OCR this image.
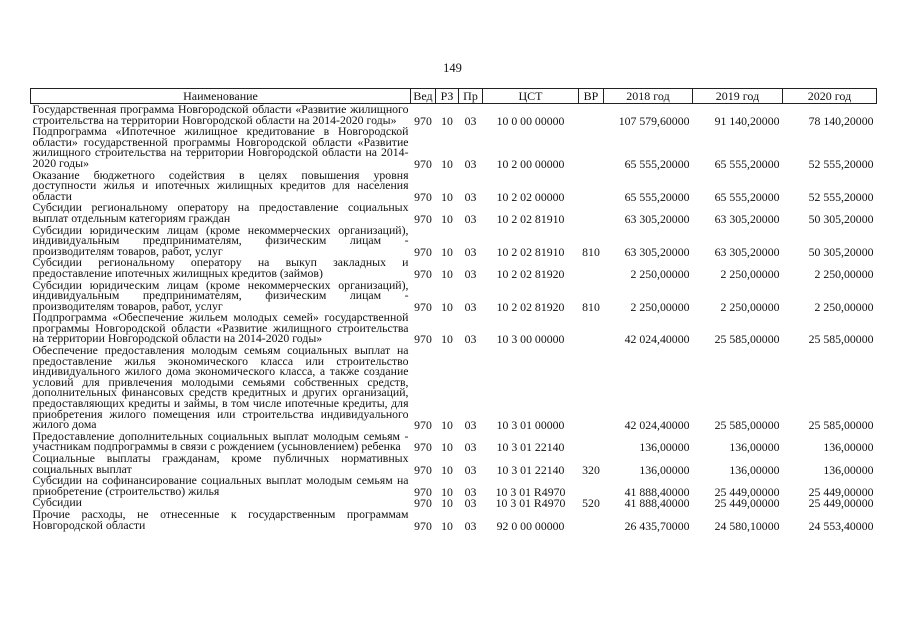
149
Наименование	Вед	РЗ	Пр	ЦСТ	ВР	2018 год	2019 год	2020 год
Государственная программа Новгородской области «Развитие жилищного строительства на территории Новгородской области на 2014-2020 годы»	970	10	03	10 0 00 00000		107 579,60000	91 140,20000	78 140,20000
Подпрограмма «Ипотечное жилищное кредитование в Новгородской области» государственной программы Новгородской области «Развитие жилищного строительства на территории Новгородской области на 2014-2020 годы»	970	10	03	10 2 00 00000		65 555,20000	65 555,20000	52 555,20000
Оказание бюджетного содействия в целях повышения уровня доступности жилья и ипотечных жилищных кредитов для населения области	970	10	03	10 2 02 00000		65 555,20000	65 555,20000	52 555,20000
Субсидии региональному оператору на предоставление социальных выплат отдельным категориям граждан	970	10	03	10 2 02 81910		63 305,20000	63 305,20000	50 305,20000
Субсидии юридическим лицам (кроме некоммерческих организаций), индивидуальным предпринимателям, физическим лицам - производителям товаров, работ, услуг	970	10	03	10 2 02 81910	810	63 305,20000	63 305,20000	50 305,20000
Субсидии региональному оператору на выкуп закладных и предоставление ипотечных жилищных кредитов (займов)	970	10	03	10 2 02 81920		2 250,00000	2 250,00000	2 250,00000
Субсидии юридическим лицам (кроме некоммерческих организаций), индивидуальным предпринимателям, физическим лицам - производителям товаров, работ, услуг	970	10	03	10 2 02 81920	810	2 250,00000	2 250,00000	2 250,00000
Подпрограмма «Обеспечение жильем молодых семей» государственной программы Новгородской области «Развитие жилищного строительства на территории Новгородской области на 2014-2020 годы»	970	10	03	10 3 00 00000		42 024,40000	25 585,00000	25 585,00000
Обеспечение предоставления молодым семьям социальных выплат на предоставление жилья экономического класса или строительство индивидуального жилого дома экономического класса, а также создание условий для привлечения молодыми семьями собственных средств, дополнительных финансовых средств кредитных и других организаций, предоставляющих кредиты и займы, в том числе ипотечные кредиты, для приобретения жилого помещения или строительства индивидуального жилого дома	970	10	03	10 3 01 00000		42 024,40000	25 585,00000	25 585,00000
Предоставление дополнительных социальных выплат молодым семьям - участникам подпрограммы в связи с рождением (усыновлением) ребенка	970	10	03	10 3 01 22140		136,00000	136,00000	136,00000
Социальные выплаты гражданам, кроме публичных нормативных социальных выплат	970	10	03	10 3 01 22140	320	136,00000	136,00000	136,00000
Субсидии на софинансирование социальных выплат молодым семьям на приобретение (строительство) жилья	970	10	03	10 3 01 R4970		41 888,40000	25 449,00000	25 449,00000
Субсидии	970	10	03	10 3 01 R4970	520	41 888,40000	25 449,00000	25 449,00000
Прочие расходы, не отнесенные к государственным программам Новгородской области	970	10	03	92 0 00 00000		26 435,70000	24 580,10000	24 553,40000
